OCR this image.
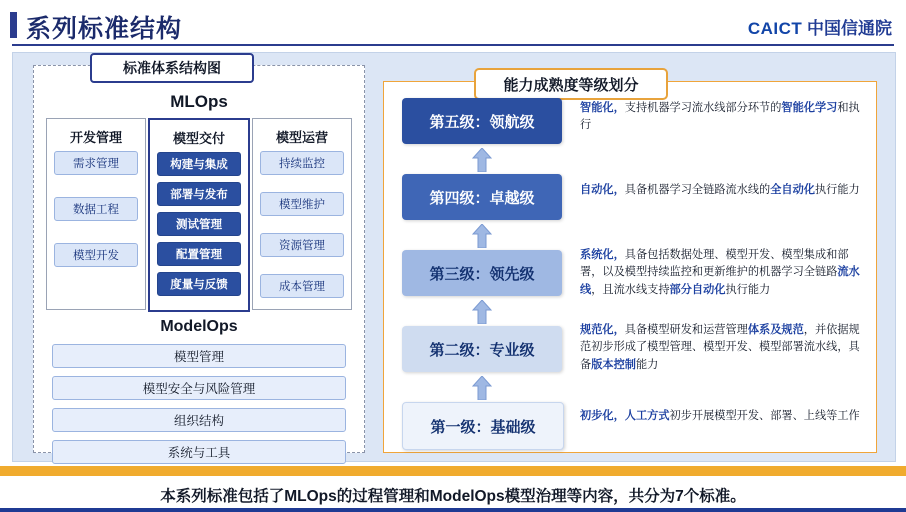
系列标准结构	CAICT 中国信通院
标准体系结构图
MLOps
开发管理
需求管理
数据工程
模型开发
模型交付
构建与集成
部署与发布
测试管理
配置管理
度量与反馈
模型运营
持续监控
模型维护
资源管理
成本管理
ModelOps
模型管理
模型安全与风险管理
组织结构
系统与工具
能力成熟度等级划分
第五级：领航级
智能化，支持机器学习流水线部分环节的智能化学习和执行
第四级：卓越级	自动化，具备机器学习全链路流水线的全自动化执行能力
第三级：领先级
系统化，具备包括数据处理、模型开发、模型集成和部署，以及模型持续监控和更新维护的机器学习全链路流水线，且流水线支持部分自动化执行能力
第二级：专业级
规范化，具备模型研发和运营管理体系及规范，并依据规范初步形成了模型管理、模型开发、模型部署流水线，具备版本控制能力
第一级：基础级
初步化，人工方式初步开展模型开发、部署、上线等工作
本系列标准包括了MLOps的过程管理和ModelOps模型治理等内容，共分为7个标准。
